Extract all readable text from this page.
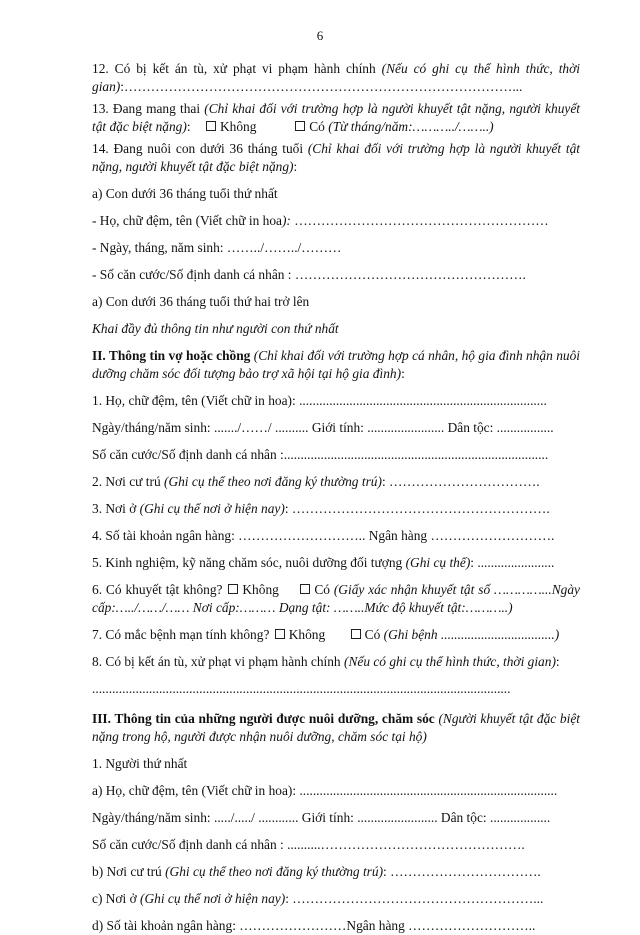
6

12. Có bị kết án tù, xử phạt vi phạm hành chính (Nếu có ghi cụ thể hình thức, thời gian):……………………………………………………………………………...

13. Đang mang thai (Chỉ khai đối với trường hợp là người khuyết tật nặng, người khuyết tật đặc biệt nặng): Không	Có (Từ tháng/năm:………../……..)

14. Đang nuôi con dưới 36 tháng tuổi (Chỉ khai đối với trường hợp là người khuyết tật nặng, người khuyết tật đặc biệt nặng):

a) Con dưới 36 tháng tuổi thứ nhất

- Họ, chữ đệm, tên (Viết chữ in hoa): …………………………………………………

- Ngày, tháng, năm sinh: ……../……../………

- Số căn cước/Số định danh cá nhân : …………………………………………….

a) Con dưới 36 tháng tuổi thứ hai trở lên

Khai đầy đủ thông tin như người con thứ nhất

II. Thông tin vợ hoặc chồng (Chỉ khai đối với trường hợp cá nhân, hộ gia đình nhận nuôi dưỡng chăm sóc đối tượng bảo trợ xã hội tại hộ gia đình):

1. Họ, chữ đệm, tên (Viết chữ in hoa): ..........................................................................

Ngày/tháng/năm sinh: ......./……/ .......... Giới tính: ....................... Dân tộc: .................

Số căn cước/Số định danh cá nhân :...............................................................................

2. Nơi cư trú (Ghi cụ thể theo nơi đăng ký thường trú): …………………………….

3. Nơi ở (Ghi cụ thể nơi ở hiện nay): ………………………………………………….

4. Số tài khoản ngân hàng: ……………………….. Ngân hàng ……………………….

5. Kinh nghiệm, kỹ năng chăm sóc, nuôi dưỡng đối tượng (Ghi cụ thể): .......................

6. Có khuyết tật không? Không	Có (Giấy xác nhận khuyết tật số …………...Ngày cấp:…../……/…… Nơi cấp:……… Dạng tật: ……..Mức độ khuyết tật:………..)

7. Có mắc bệnh mạn tính không? Không	Có (Ghi bệnh ..................................)

8. Có bị kết án tù, xử phạt vi phạm hành chính (Nếu có ghi cụ thể hình thức, thời gian):

.............................................................................................................................

III. Thông tin của những người được nuôi dưỡng, chăm sóc (Người khuyết tật đặc biệt nặng trong hộ, người được nhận nuôi dưỡng, chăm sóc tại hộ)

1. Người thứ nhất

a) Họ, chữ đệm, tên (Viết chữ in hoa): .............................................................................

Ngày/tháng/năm sinh: ...../...../ ............ Giới tính: ........................ Dân tộc: ..................

Số căn cước/Số định danh cá nhân : ..........……………………………………….

b) Nơi cư trú (Ghi cụ thể theo nơi đăng ký thường trú): …………………………….

c) Nơi ở (Ghi cụ thể nơi ở hiện nay): ………………………………………………...

d) Số tài khoản ngân hàng: ……………………Ngân hàng ………………………..
